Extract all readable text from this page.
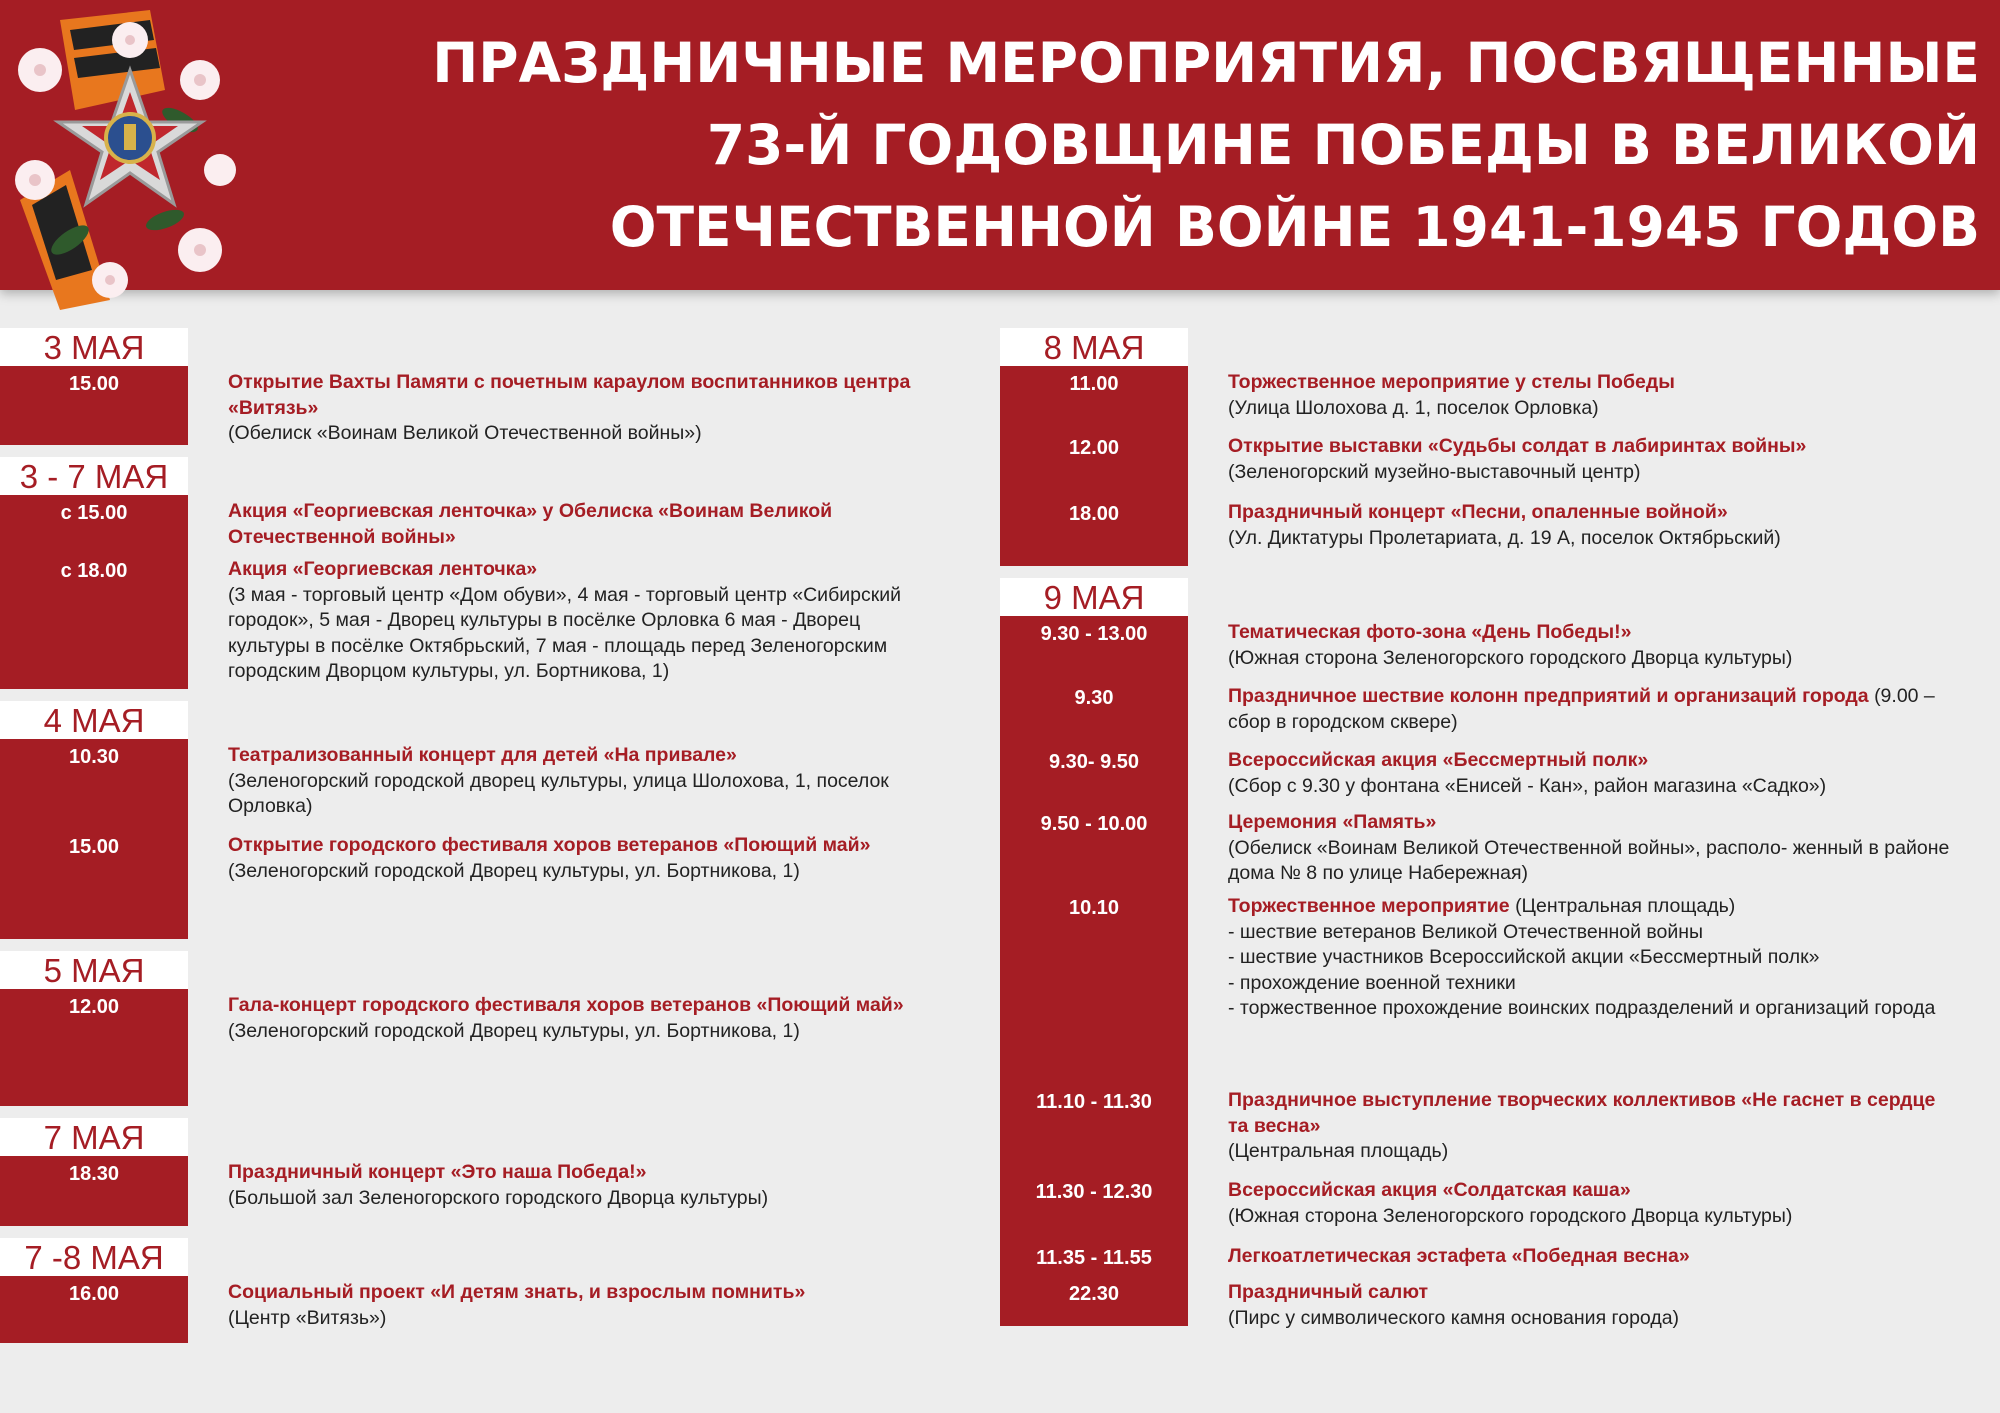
ПРАЗДНИЧНЫЕ МЕРОПРИЯТИЯ, ПОСВЯЩЕННЫЕ
73-Й ГОДОВЩИНЕ ПОБЕДЫ В ВЕЛИКОЙ
ОТЕЧЕСТВЕННОЙ ВОЙНЕ 1941-1945 ГОДОВ
3 МАЯ
15.00	Открытие Вахты Памяти с почетным караулом воспитанников центра «Витязь»
(Обелиск «Воинам Великой Отечественной войны»)
3 - 7 МАЯ
с 15.00	Акция «Георгиевская ленточка» у Обелиска «Воинам Великой Отечественной войны»
с 18.00	Акция «Георгиевская ленточка»
(3 мая - торговый центр «Дом обуви», 4 мая - торговый центр «Сибирский городок», 5 мая - Дворец культуры в посёлке Орловка 6 мая - Дворец культуры в посёлке Октябрьский, 7 мая - площадь перед Зеленогорским городским Дворцом культуры, ул. Бортникова, 1)
4 МАЯ
10.30	Театрализованный концерт для детей «На привале»
(Зеленогорский городской дворец культуры, улица Шолохова, 1, поселок Орловка)
15.00	Открытие городского фестиваля хоров ветеранов «Поющий май»
(Зеленогорский городской Дворец культуры, ул. Бортникова, 1)
5 МАЯ
12.00	Гала-концерт городского фестиваля хоров ветеранов «Поющий май»
(Зеленогорский городской Дворец культуры, ул. Бортникова, 1)
7 МАЯ
18.30	Праздничный концерт «Это наша Победа!»
(Большой зал Зеленогорского городского Дворца культуры)
7 -8 МАЯ
16.00	Социальный проект «И детям знать, и взрослым помнить»
(Центр «Витязь»)
8 МАЯ
11.00	Торжественное мероприятие у стелы Победы
(Улица Шолохова д. 1, поселок Орловка)
12.00	Открытие выставки «Судьбы солдат в лабиринтах войны»
(Зеленогорский музейно-выставочный центр)
18.00	Праздничный концерт «Песни, опаленные войной»
(Ул. Диктатуры Пролетариата, д. 19 А, поселок Октябрьский)
9 МАЯ
9.30 - 13.00	Тематическая фото-зона «День Победы!»
(Южная сторона Зеленогорского городского Дворца культуры)
9.30	Праздничное шествие колонн предприятий и организаций города (9.00 – сбор в городском сквере)
9.30- 9.50	Всероссийская акция «Бессмертный полк»
(Сбор с 9.30 у фонтана «Енисей - Кан», район магазина «Садко»)
9.50 - 10.00	Церемония «Память»
(Обелиск «Воинам Великой Отечественной войны», располо- женный в районе дома № 8 по улице Набережная)
10.10	Торжественное мероприятие (Центральная площадь)
- шествие ветеранов Великой Отечественной войны
- шествие участников Всероссийской акции «Бессмертный полк»
- прохождение военной техники
- торжественное прохождение воинских подразделений и организаций города
11.10 - 11.30	Праздничное выступление творческих коллективов «Не гаснет в сердце та весна»
(Центральная площадь)
11.30 - 12.30	Всероссийская акция «Солдатская каша»
(Южная сторона Зеленогорского городского Дворца культуры)
11.35 - 11.55	Легкоатлетическая эстафета «Победная весна»
22.30	Праздничный салют
(Пирс у символического камня основания города)
